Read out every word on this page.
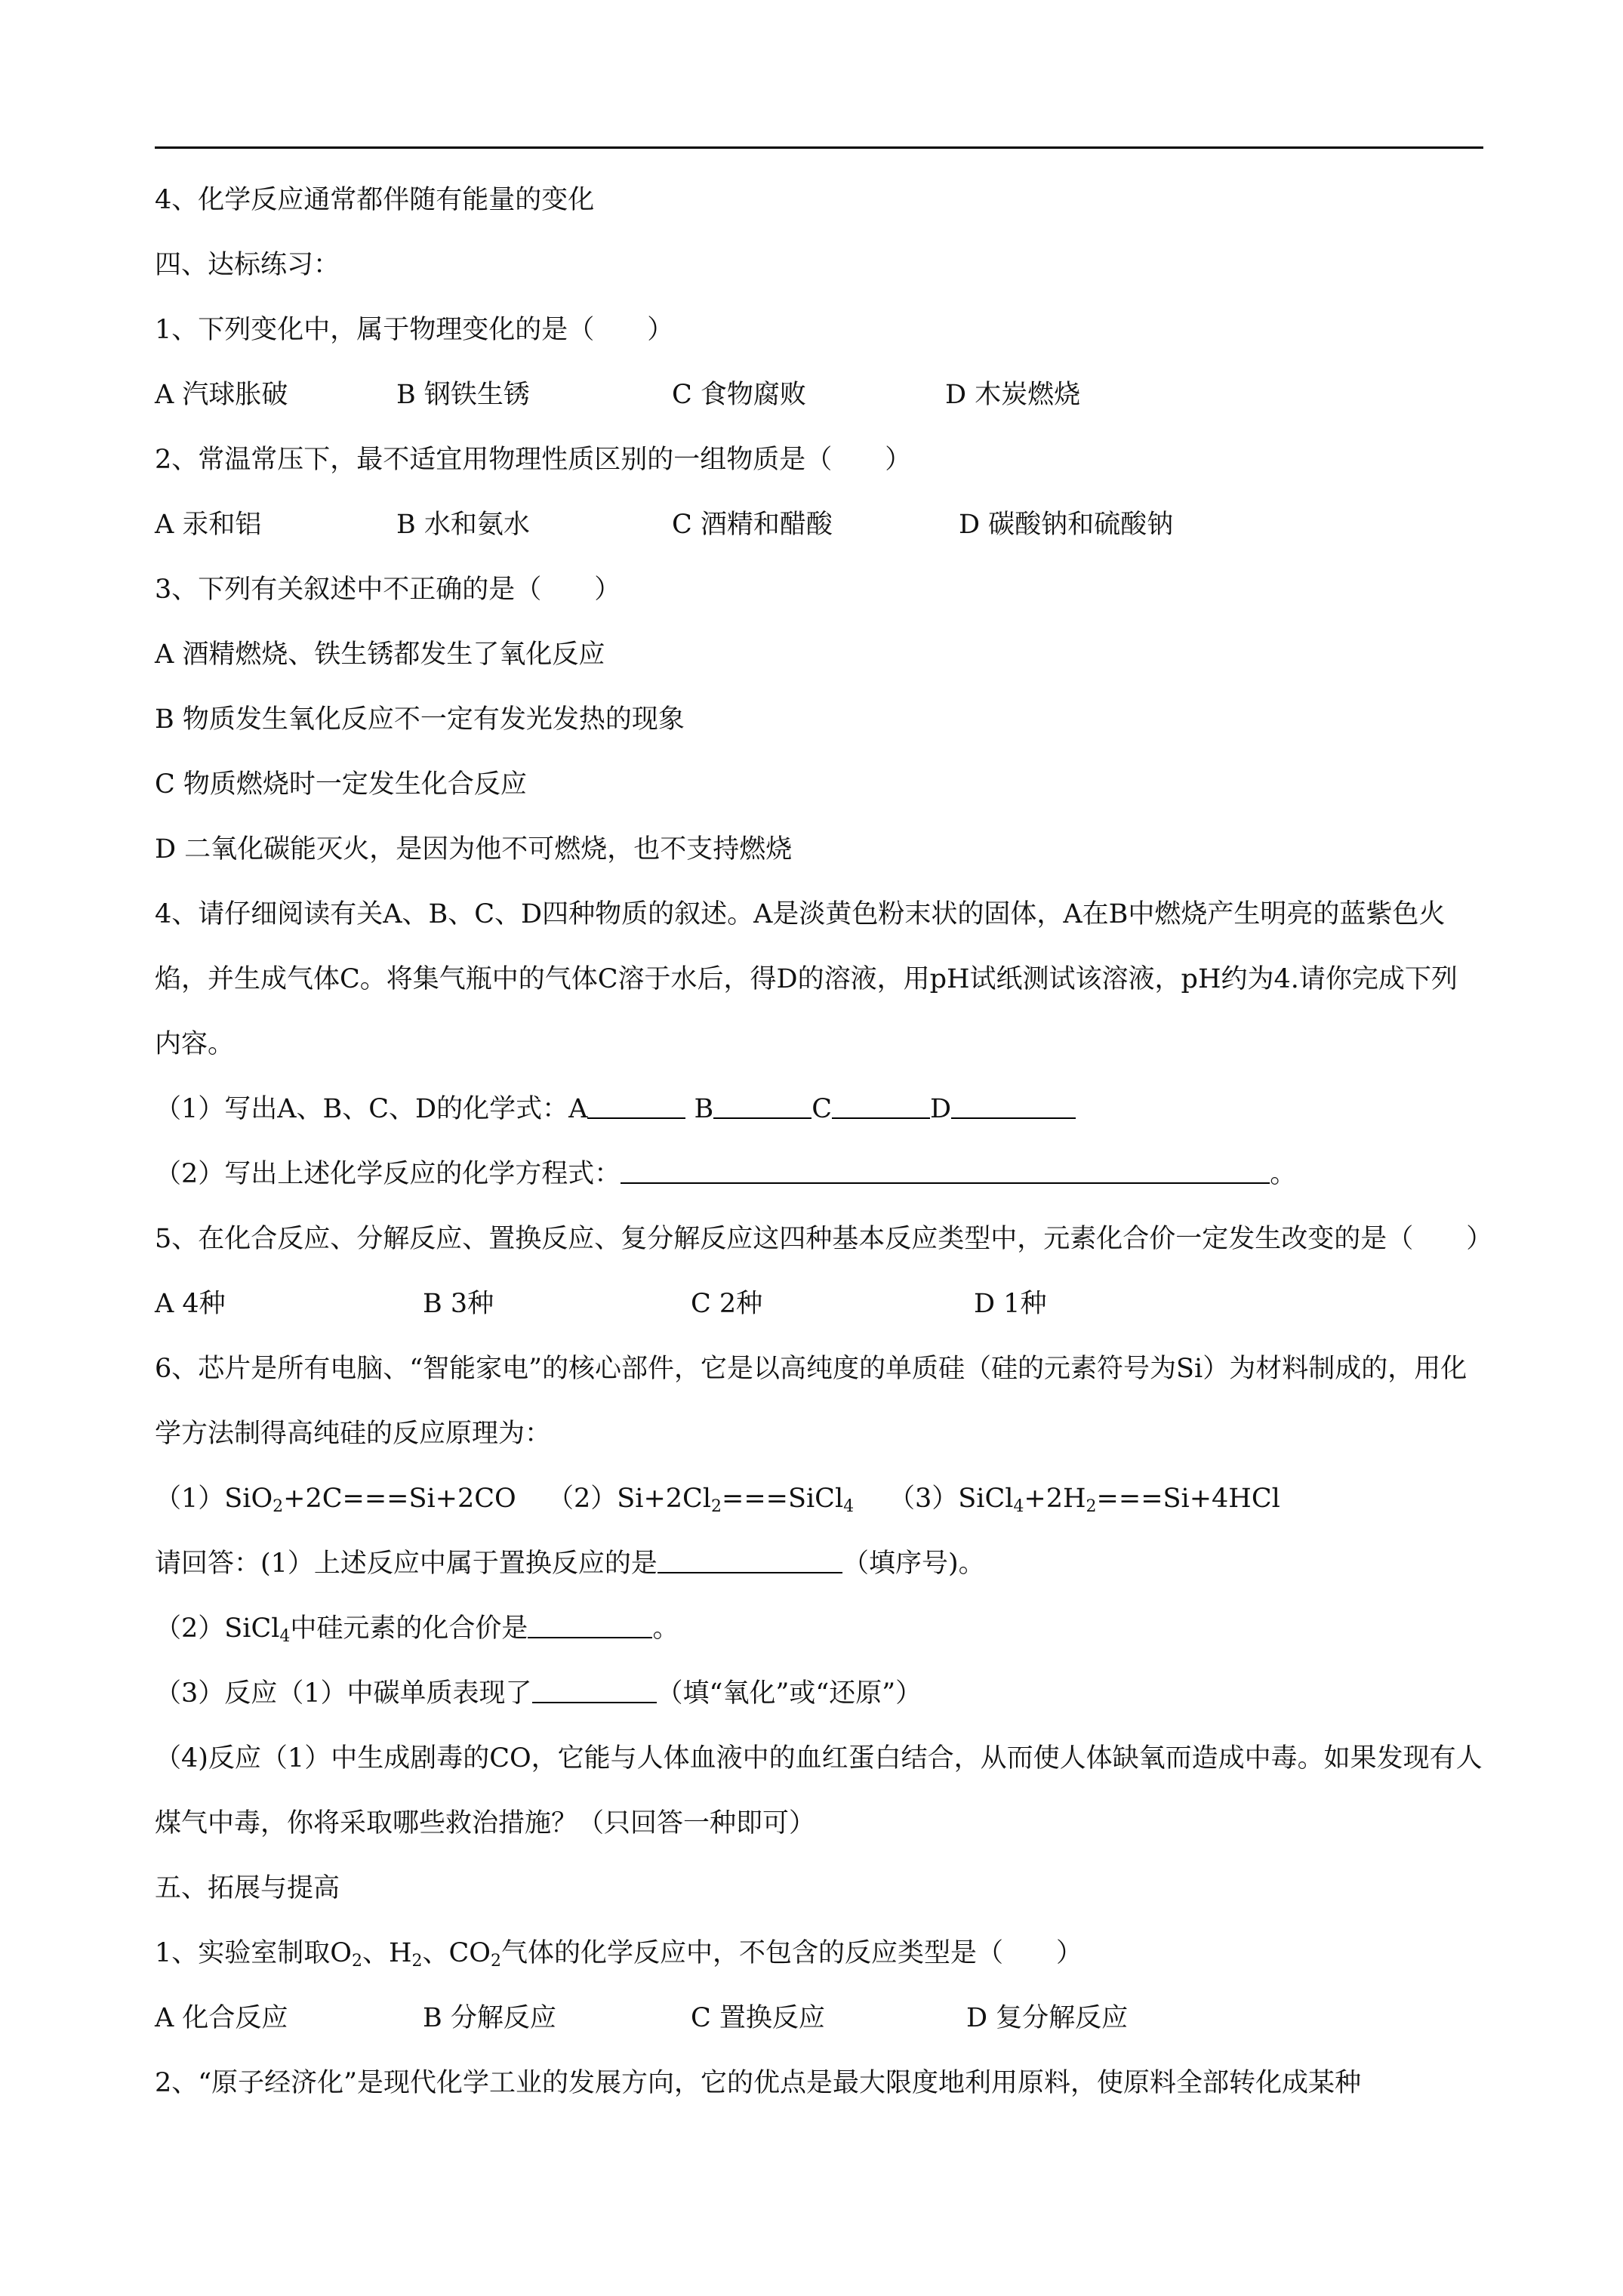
4、化学反应通常都伴随有能量的变化

四、达标练习：

1、下列变化中，属于物理变化的是（　　）

A 汽球胀破	B 钢铁生锈	C 食物腐败	D 木炭燃烧

2、常温常压下，最不适宜用物理性质区别的一组物质是（　　）

A 汞和铝	B 水和氨水	C 酒精和醋酸	D 碳酸钠和硫酸钠

3、下列有关叙述中不正确的是（　　）

A 酒精燃烧、铁生锈都发生了氧化反应

B 物质发生氧化反应不一定有发光发热的现象

C 物质燃烧时一定发生化合反应

D 二氧化碳能灭火，是因为他不可燃烧，也不支持燃烧

4、请仔细阅读有关A、B、C、D四种物质的叙述。A是淡黄色粉末状的固体，A在B中燃烧产生明亮的蓝紫色火焰，并生成气体C。将集气瓶中的气体C溶于水后，得D的溶液，用pH试纸测试该溶液，pH约为4.请你完成下列内容。

（1）写出A、B、C、D的化学式：A	B	C	D

（2）写出上述化学反应的化学方程式：	。

5、在化合反应、分解反应、置换反应、复分解反应这四种基本反应类型中，元素化合价一定发生改变的是（　　）

A 4种	B 3种	C 2种	D 1种

6、芯片是所有电脑、“智能家电”的核心部件，它是以高纯度的单质硅（硅的元素符号为Si）为材料制成的，用化学方法制得高纯硅的反应原理为：

（1）SiO$_2$+2C===Si+2CO $(2)Si+2Cl_2===SiCl_4$ $(3)SiCl_4+2H_2===Si+4HCl$

请回答：(1）上述反应中属于置换反应的是	（填序号)。

（2）SiCl$_4$中硅元素的化合价是	。

（3）反应（1）中碳单质表现了	（填“氧化”或“还原”）

（4)反应（1）中生成剧毒的CO，它能与人体血液中的血红蛋白结合，从而使人体缺氧而造成中毒。如果发现有人煤气中毒，你将采取哪些救治措施？（只回答一种即可）

五、拓展与提高

1、实验室制取$O_2$、$H_2$、$CO_2$气体的化学反应中，不包含的反应类型是（　　）

A 化合反应	B 分解反应	C 置换反应	D 复分解反应

2、“原子经济化”是现代化学工业的发展方向，它的优点是最大限度地利用原料，使原料全部转化成某种
